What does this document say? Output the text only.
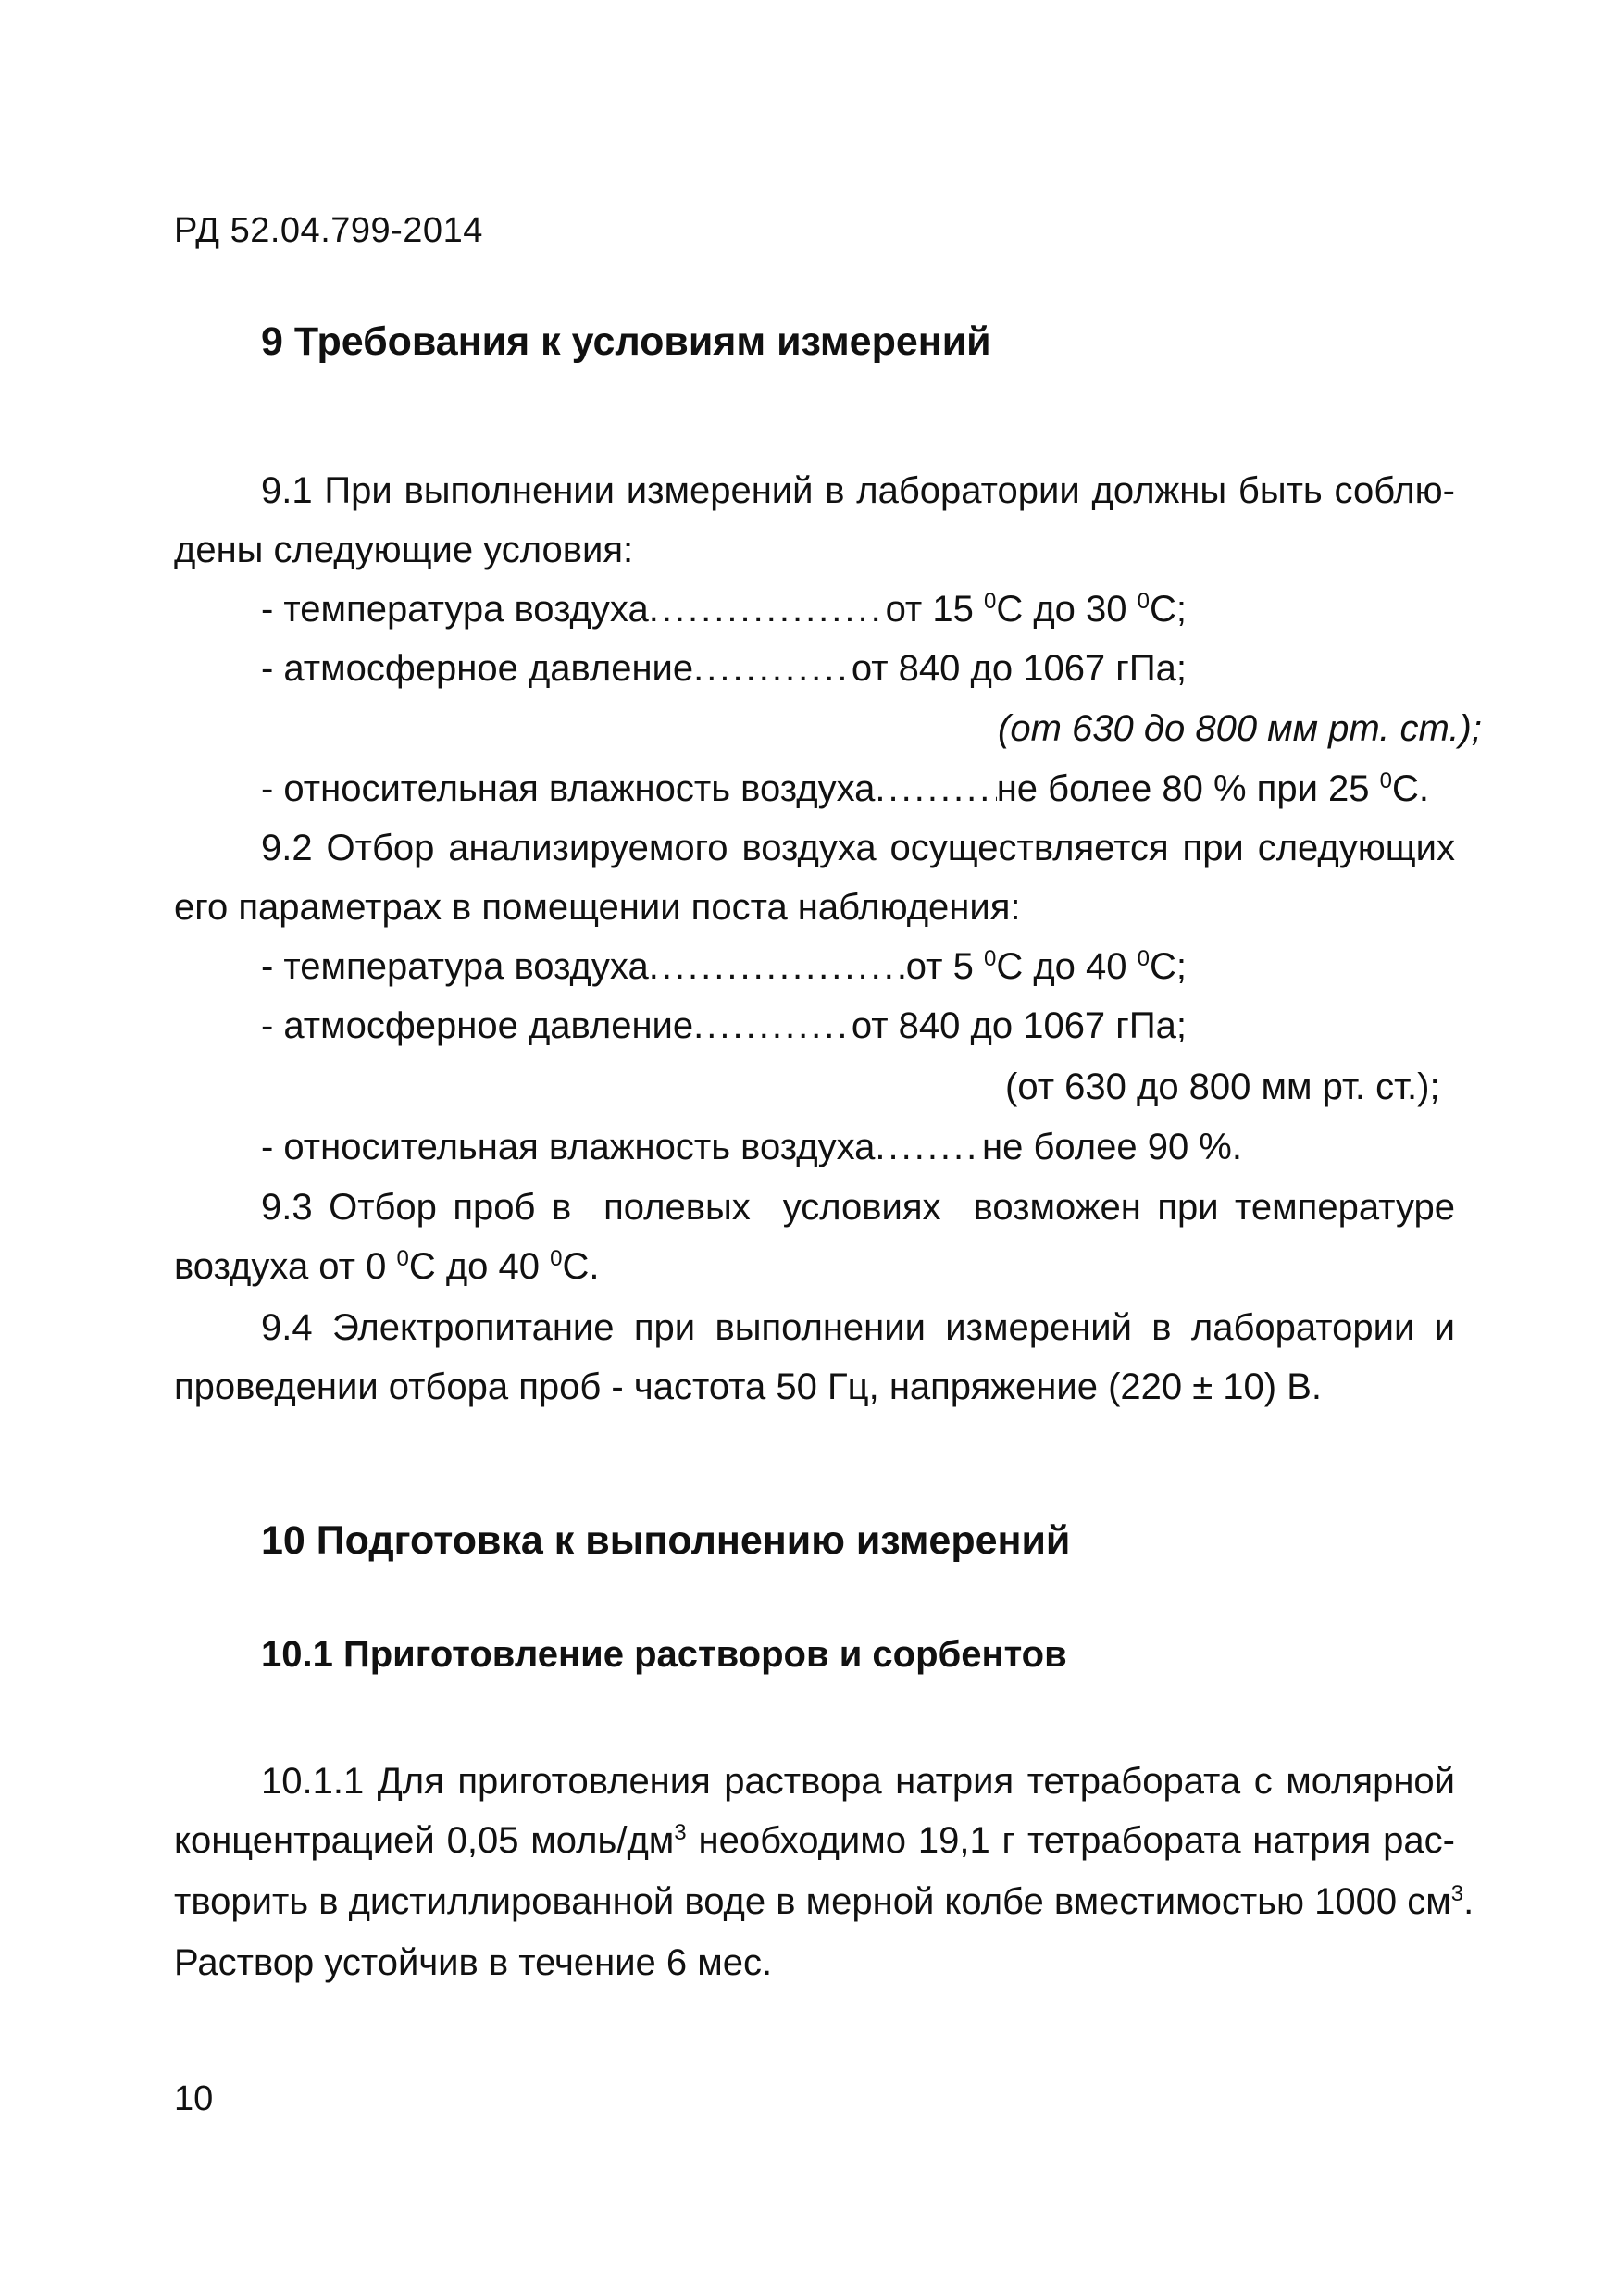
РД 52.04.799-2014
9 Требования к условиям измерений
9.1 При выполнении измерений в лаборатории должны быть соблю-
дены следующие условия:
- температура воздуха .....	от 15 $^0$С до 30 $^0$С;
- атмосферное давление .....	от 840 до 1067 гПа;
(от 630 до 800 мм рт. ст.);
- относительная влажность воздуха .....	не более 80 % при 25 $^0$С.
9.2 Отбор анализируемого воздуха осуществляется при следующих
его параметрах в помещении поста наблюдения:
- температура воздуха .....	от 5 $^0$С до 40 $^0$С;
- атмосферное давление .....	от 840 до 1067 гПа;
(от 630 до 800 мм рт. ст.);
- относительная влажность воздуха .....	не более 90 %.
9.3 Отбор проб в  полевых  условиях  возможен при температуре
воздуха от 0 $^0$С до 40 $^0$С.
9.4 Электропитание при выполнении измерений в лаборатории и
проведении отбора проб - частота 50 Гц, напряжение (220 ± 10) В.
10 Подготовка к выполнению измерений
10.1 Приготовление растворов и сорбентов
10.1.1 Для приготовления раствора натрия тетрабората с молярной
концентрацией 0,05 моль/$дм^3$ необходимо 19,1 г тетрабората натрия рас-
творить в дистиллированной воде в мерной колбе вместимостью 1000 $см^3$.
Раствор устойчив в течение 6 мес.
10
